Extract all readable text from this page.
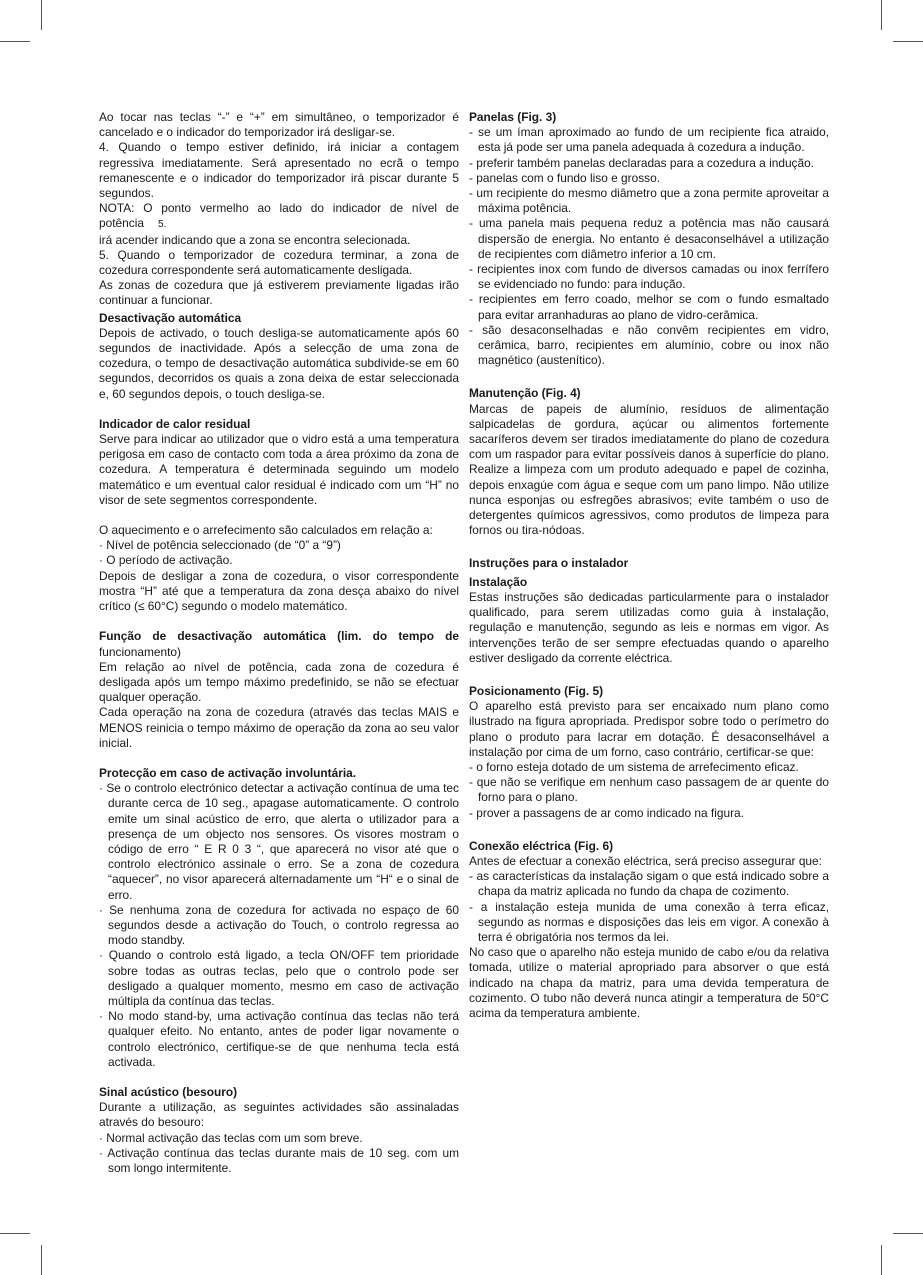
Ao tocar nas teclas “-” e “+” em simultâneo, o temporizador é cancelado e o indicador do temporizador irá desligar-se.

4. Quando o tempo estiver definido, irá iniciar a contagem regressiva imediatamente. Será apresentado no ecrã o tempo remanescente e o indicador do temporizador irá piscar durante 5 segundos.

NOTA: O ponto vermelho ao lado do indicador de nível de potência 5.
irá acender indicando que a zona se encontra selecionada.

5. Quando o temporizador de cozedura terminar, a zona de cozedura correspondente será automaticamente desligada.

As zonas de cozedura que já estiverem previamente ligadas irão continuar a funcionar.

Desactivação automática

Depois de activado, o touch desliga-se automaticamente após 60 segundos de inactividade. Após a selecção de uma zona de cozedura, o tempo de desactivação automática subdivide-se em 60 segundos, decorridos os quais a zona deixa de estar seleccionada e, 60 segundos depois, o touch desliga-se.

Indicador de calor residual

Serve para indicar ao utilizador que o vidro está a uma temperatura perigosa em caso de contacto com toda a área próximo da zona de cozedura. A temperatura é determinada seguindo um modelo matemático e um eventual calor residual é indicado com um “H” no visor de sete segmentos correspondente.

O aquecimento e o arrefecimento são calculados em relação a:

· Nível de potência seleccionado (de “0” a “9”)

· O período de activação.

Depois de desligar a zona de cozedura, o visor correspondente mostra “H” até que a temperatura da zona desça abaixo do nível crítico (≤ 60°C) segundo o modelo matemático.

Função de desactivação automática (lim. do tempo de

funcionamento)

Em relação ao nível de potência, cada zona de cozedura é desligada após um tempo máximo predefinido, se não se efectuar qualquer operação.

Cada operação na zona de cozedura (através das teclas MAIS e MENOS reinicia o tempo máximo de operação da zona ao seu valor inicial.

Protecção em caso de activação involuntária.

· Se o controlo electrónico detectar a activação contínua de uma tec durante cerca de 10 seg., apagase automaticamente. O controlo emite um sinal acústico de erro, que alerta o utilizador para a presença de um objecto nos sensores. Os visores mostram o código de erro “ E R 0 3 “, que aparecerá no visor até que o controlo electrónico assinale o erro. Se a zona de cozedura “aquecer”, no visor aparecerá alternadamente um “H“ e o sinal de erro.

· Se nenhuma zona de cozedura for activada no espaço de 60 segundos desde a activação do Touch, o controlo regressa ao modo standby.

· Quando o controlo está ligado, a tecla ON/OFF tem prioridade sobre todas as outras teclas, pelo que o controlo pode ser desligado a qualquer momento, mesmo em caso de activação múltipla da contínua das teclas.

· No modo stand-by, uma activação contínua das teclas não terá qualquer efeito. No entanto, antes de poder ligar novamente o controlo electrónico, certifique-se de que nenhuma tecla está activada.

Sinal acústico (besouro)

Durante a utilização, as seguintes actividades são assinaladas através do besouro:

· Normal activação das teclas com um som breve.

· Activação contínua das teclas durante mais de 10 seg. com um som longo intermitente.

Panelas (Fig. 3)

- se um íman aproximado ao fundo de um recipiente fica atraido, esta já pode ser uma panela adequada à cozedura a indução.

- preferir também panelas declaradas para a cozedura a indução.

- panelas com o fundo liso e grosso.

- um recipiente do mesmo diâmetro que a zona permite aproveitar a máxima potência.

- uma panela mais pequena reduz a potência mas não causará dispersão de energia. No entanto é desaconselhável a utilização de recipientes com diâmetro inferior a 10 cm.

- recipientes inox com fundo de diversos camadas ou inox ferrífero se evidenciado no fundo: para indução.

- recipientes em ferro coado, melhor se com o fundo esmaltado para evitar arranhaduras ao plano de vidro-cerâmica.

- são desaconselhadas e não convêm recipientes em vidro, cerâmica, barro, recipientes em alumínio, cobre ou inox não magnético (austenítico).

Manutenção (Fig. 4)

Marcas de papeis de alumínio, resíduos de alimentação salpicadelas de gordura, açúcar ou alimentos fortemente sacaríferos devem ser tirados imediatamente do plano de cozedura com um raspador para evitar possíveis danos à superfície do plano. Realize a limpeza com um produto adequado e papel de cozinha, depois enxagúe com água e seque com um pano limpo. Não utilize nunca esponjas ou esfregões abrasivos; evite também o uso de detergentes químicos agressivos, como produtos de limpeza para fornos ou tira-nódoas.

Instruções para o instalador

Instalação

Estas instruções são dedicadas particularmente para o instalador qualificado, para serem utilizadas como guia à instalação, regulação e manutenção, segundo as leis e normas em vigor. As intervenções terão de ser sempre efectuadas quando o aparelho estiver desligado da corrente eléctrica.

Posicionamento (Fig. 5)

O aparelho está previsto para ser encaixado num plano como ilustrado na figura apropriada. Predispor sobre todo o perímetro do plano o produto para lacrar em dotação. É desaconselhável a instalação por cima de um forno, caso contrário, certificar-se que:

- o forno esteja dotado de um sistema de arrefecimento eficaz.

- que não se verifique em nenhum caso passagem de ar quente do forno para o plano.

- prover a passagens de ar como indicado na figura.

Conexão eléctrica (Fig. 6)

Antes de efectuar a conexão eléctrica, será preciso assegurar que:

- as características da instalação sigam o que está indicado sobre a chapa da matriz aplicada no fundo da chapa de cozimento.

- a instalação esteja munida de uma conexão à terra eficaz, segundo as normas e disposições das leis em vigor. A conexão à terra é obrigatória nos termos da lei.

No caso que o aparelho não esteja munido de cabo e/ou da relativa tomada, utilize o material apropriado para absorver o que está indicado na chapa da matriz, para uma devida temperatura de cozimento. O tubo não deverá nunca atingir a temperatura de 50°C acima da temperatura ambiente.
